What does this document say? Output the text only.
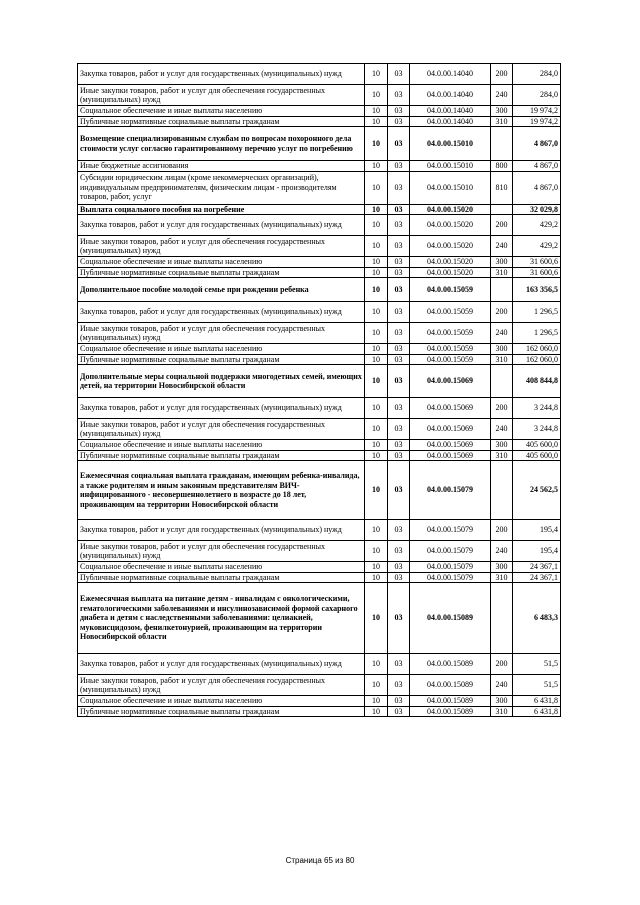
Закупка товаров, работ и услуг для государственных (муниципальных) нужд	10	03	04.0.00.14040	200	284,0
Иные закупки товаров, работ и услуг для обеспечения государственных (муниципальных) нужд	10	03	04.0.00.14040	240	284,0
Социальное обеспечение и иные выплаты населению	10	03	04.0.00.14040	300	19 974,2
Публичные нормативные социальные выплаты гражданам	10	03	04.0.00.14040	310	19 974,2
Возмещение специализированным службам по вопросам похоронного дела стоимости услуг согласно гарантированному перечню услуг по погребению	10	03	04.0.00.15010		4 867,0
Иные бюджетные ассигнования	10	03	04.0.00.15010	800	4 867,0
Субсидии юридическим лицам (кроме некоммерческих организаций), индивидуальным предпринимателям, физическим лицам - производителям товаров, работ, услуг	10	03	04.0.00.15010	810	4 867,0
Выплата социального пособия на погребение	10	03	04.0.00.15020		32 029,8
Закупка товаров, работ и услуг для государственных (муниципальных) нужд	10	03	04.0.00.15020	200	429,2
Иные закупки товаров, работ и услуг для обеспечения государственных (муниципальных) нужд	10	03	04.0.00.15020	240	429,2
Социальное обеспечение и иные выплаты населению	10	03	04.0.00.15020	300	31 600,6
Публичные нормативные социальные выплаты гражданам	10	03	04.0.00.15020	310	31 600,6
Дополнительное пособие молодой семье при рождении ребенка	10	03	04.0.00.15059		163 356,5
Закупка товаров, работ и услуг для государственных (муниципальных) нужд	10	03	04.0.00.15059	200	1 296,5
Иные закупки товаров, работ и услуг для обеспечения государственных (муниципальных) нужд	10	03	04.0.00.15059	240	1 296,5
Социальное обеспечение и иные выплаты населению	10	03	04.0.00.15059	300	162 060,0
Публичные нормативные социальные выплаты гражданам	10	03	04.0.00.15059	310	162 060,0
Дополнительные меры социальной поддержки многодетных семей, имеющих детей, на территории Новосибирской области	10	03	04.0.00.15069		408 844,8
Закупка товаров, работ и услуг для государственных (муниципальных) нужд	10	03	04.0.00.15069	200	3 244,8
Иные закупки товаров, работ и услуг для обеспечения государственных (муниципальных) нужд	10	03	04.0.00.15069	240	3 244,8
Социальное обеспечение и иные выплаты населению	10	03	04.0.00.15069	300	405 600,0
Публичные нормативные социальные выплаты гражданам	10	03	04.0.00.15069	310	405 600,0
Ежемесячная социальная выплата гражданам, имеющим ребенка-инвалида, а также родителям и иным законным представителям ВИЧ-инфицированного - несовершеннолетнего в возрасте до 18 лет, проживающим на территории Новосибирской области	10	03	04.0.00.15079		24 562,5
Закупка товаров, работ и услуг для государственных (муниципальных) нужд	10	03	04.0.00.15079	200	195,4
Иные закупки товаров, работ и услуг для обеспечения государственных (муниципальных) нужд	10	03	04.0.00.15079	240	195,4
Социальное обеспечение и иные выплаты населению	10	03	04.0.00.15079	300	24 367,1
Публичные нормативные социальные выплаты гражданам	10	03	04.0.00.15079	310	24 367,1
Ежемесячная выплата на питание детям - инвалидам с онкологическими, гематологическими заболеваниями и инсулинозависимой формой сахарного диабета и детям с наследственными заболеваниями: целиакией, муковисцидозом, фенилкетонурией, проживающим на территории Новосибирской области	10	03	04.0.00.15089		6 483,3
Закупка товаров, работ и услуг для государственных (муниципальных) нужд	10	03	04.0.00.15089	200	51,5
Иные закупки товаров, работ и услуг для обеспечения государственных (муниципальных) нужд	10	03	04.0.00.15089	240	51,5
Социальное обеспечение и иные выплаты населению	10	03	04.0.00.15089	300	6 431,8
Публичные нормативные социальные выплаты гражданам	10	03	04.0.00.15089	310	6 431,8
Страница 65 из 80
